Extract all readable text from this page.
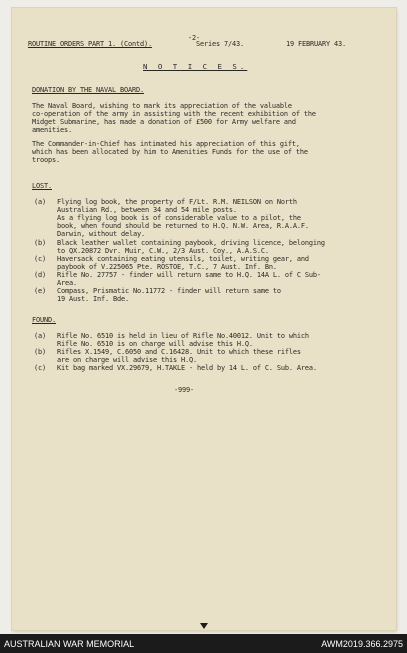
ROUTINE ORDERS PART 1. (Contd).
-2-
Series 7/43.	19 FEBRUARY 43.
N O T I C E S.
DONATION BY THE NAVAL BOARD.
The Naval Board, wishing to mark its appreciation of the valuable
co-operation of the army in assisting with the recent exhibition of the
Midget Submarine, has made a donation of £500 for Army welfare and
amenities.
The Commander-in-Chief has intimated his appreciation of this gift,
which has been allocated by him to Amenities Funds for the use of the
troops.
LOST.
(a) Flying log book, the property of F/Lt. R.M. NEILSON on North
Australian Rd., between 34 and 54 mile posts.
As a flying log book is of considerable value to a pilot, the
book, when found should be returned to H.Q. N.W. Area, R.A.A.F.
Darwin, without delay.
(b) Black leather wallet containing paybook, driving licence, belonging
to QX.20872 Dvr. Muir, C.W., 2/3 Aust. Coy., A.A.S.C.
(c) Haversack containing eating utensils, toilet, writing gear, and
paybook of V.225065 Pte. ROSTOE, T.C., 7 Aust. Inf. Bn.
(d) Rifle No. 27757 - finder will return same to H.Q. 14A L. of C Sub-
Area.
(e) Compass, Prismatic No.11772 - finder will return same to
19 Aust. Inf. Bde.
FOUND.
(a) Rifle No. 6510 is held in lieu of Rifle No.40012. Unit to which
Rifle No. 6510 is on charge will advise this H.Q.
(b) Rifles X.1549, C.6050 and C.16428. Unit to which these rifles
are on charge will advise this H.Q.
(c) Kit bag marked VX.29679, H.TAKLE - held by 14 L. of C. Sub. Area.
-999-
AUSTRALIAN WAR MEMORIAL	AWM2019.366.2975
